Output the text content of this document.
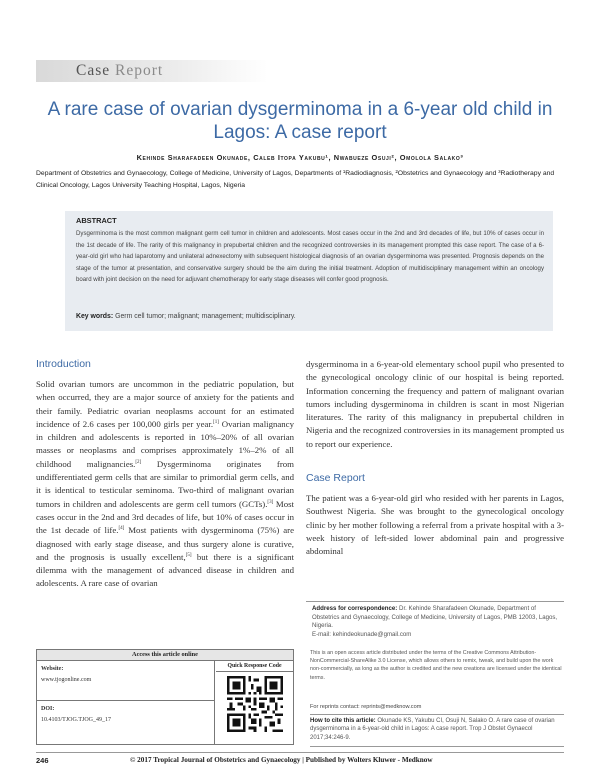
Case Report
A rare case of ovarian dysgerminoma in a 6-year old child in Lagos: A case report
Kehinde Sharafadeen Okunade, Caleb Itopa Yakubu¹, Nwabueze Osuji², Omolola Salako³
Department of Obstetrics and Gynaecology, College of Medicine, University of Lagos, Departments of ¹Radiodiagnosis, ²Obstetrics and Gynaecology and ³Radiotherapy and Clinical Oncology, Lagos University Teaching Hospital, Lagos, Nigeria
ABSTRACT
Dysgerminoma is the most common malignant germ cell tumor in children and adolescents. Most cases occur in the 2nd and 3rd decades of life, but 10% of cases occur in the 1st decade of life. The rarity of this malignancy in prepubertal children and the recognized controversies in its management prompted this case report. The case of a 6-year-old girl who had laparotomy and unilateral adnexectomy with subsequent histological diagnosis of an ovarian dysgerminoma was presented. Prognosis depends on the stage of the tumor at presentation, and conservative surgery should be the aim during the initial treatment. Adoption of multidisciplinary management within an oncology board with joint decision on the need for adjuvant chemotherapy for early stage diseases will confer good prognosis.
Key words: Germ cell tumor; malignant; management; multidisciplinary.
Introduction
Solid ovarian tumors are uncommon in the pediatric population, but when occurred, they are a major source of anxiety for the patients and their family. Pediatric ovarian neoplasms account for an estimated incidence of 2.6 cases per 100,000 girls per year.[1] Ovarian malignancy in children and adolescents is reported in 10%–20% of all ovarian masses or neoplasms and comprises approximately 1%–2% of all childhood malignancies.[2] Dysgerminoma originates from undifferentiated germ cells that are similar to primordial germ cells, and it is identical to testicular seminoma. Two-third of malignant ovarian tumors in children and adolescents are germ cell tumors (GCTs).[3] Most cases occur in the 2nd and 3rd decades of life, but 10% of cases occur in the 1st decade of life.[4] Most patients with dysgerminoma (75%) are diagnosed with early stage disease, and thus surgery alone is curative, and the prognosis is usually excellent,[5] but there is a significant dilemma with the management of advanced disease in children and adolescents. A rare case of ovarian
dysgerminoma in a 6-year-old elementary school pupil who presented to the gynecological oncology clinic of our hospital is being reported. Information concerning the frequency and pattern of malignant ovarian tumors including dysgerminoma in children is scant in most Nigerian literatures. The rarity of this malignancy in prepubertal children in Nigeria and the recognized controversies in its management prompted us to report our experience.
Case Report
The patient was a 6-year-old girl who resided with her parents in Lagos, Southwest Nigeria. She was brought to the gynecological oncology clinic by her mother following a referral from a private hospital with a 3-week history of left-sided lower abdominal pain and progressive abdominal
Address for correspondence: Dr. Kehinde Sharafadeen Okunade, Department of Obstetrics and Gynaecology, College of Medicine, University of Lagos, PMB 12003, Lagos, Nigeria.
E-mail: kehindeokunade@gmail.com
Access this article online
Website:
www.tjogonline.com
DOI:
10.4103/TJOG.TJOG_49_17
Quick Response Code
This is an open access article distributed under the terms of the Creative Commons Attribution-NonCommercial-ShareAlike 3.0 License, which allows others to remix, tweak, and build upon the work non-commercially, as long as the author is credited and the new creations are licensed under the identical terms.
For reprints contact: reprints@medknow.com
How to cite this article: Okunade KS, Yakubu CI, Osuji N, Salako O. A rare case of ovarian dysgerminoma in a 6-year-old child in Lagos: A case report. Trop J Obstet Gynaecol 2017;34:246-9.
246	© 2017 Tropical Journal of Obstetrics and Gynaecology | Published by Wolters Kluwer - Medknow
